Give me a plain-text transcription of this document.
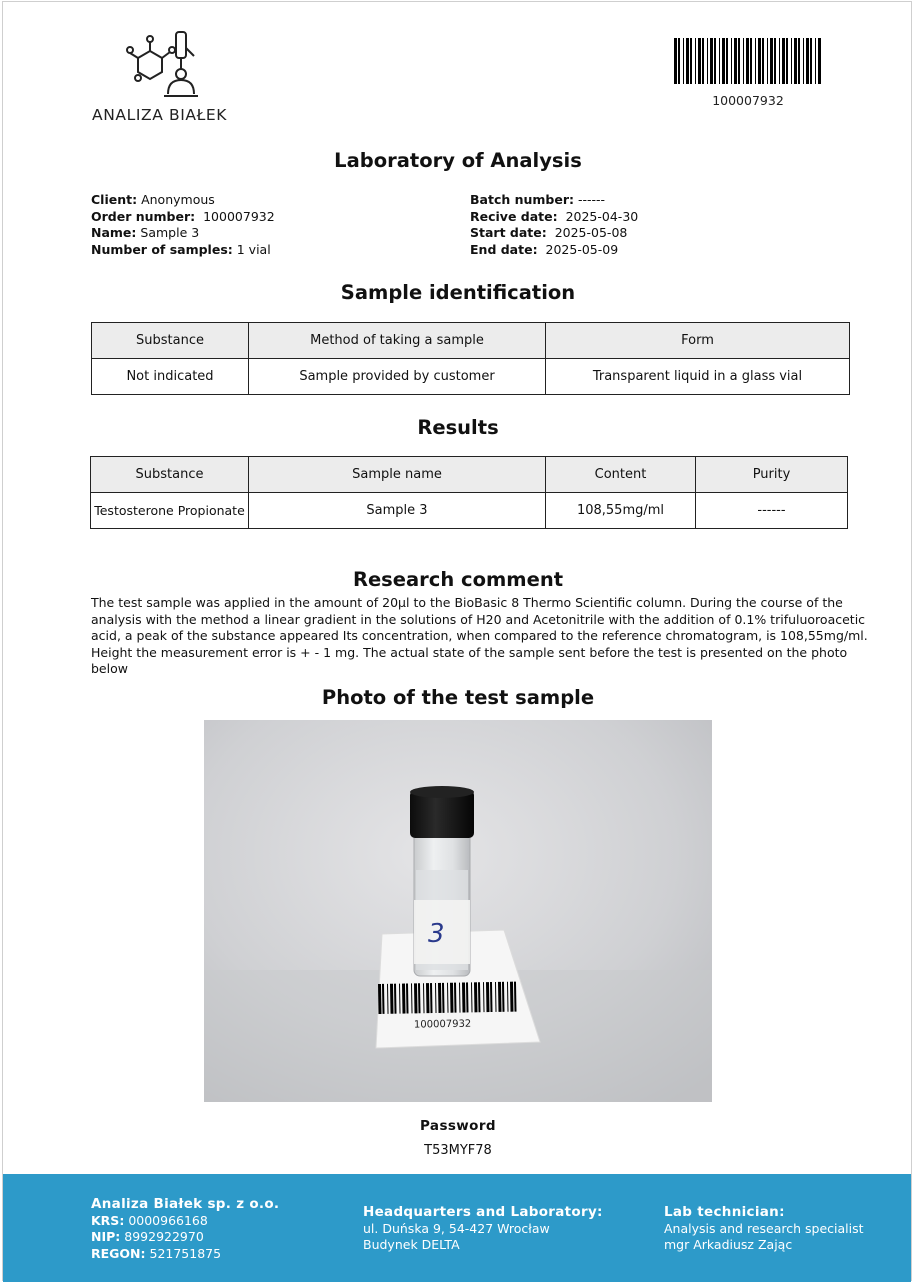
ANALIZA BIAŁEK
100007932
Laboratory of Analysis
Client: Anonymous
Order number: 100007932
Name: Sample 3
Number of samples: 1 vial
Batch number: ------
Recive date: 2025-04-30
Start date: 2025-05-08
End date: 2025-05-09
Sample identification
Substance	Method of taking a sample	Form
Not indicated	Sample provided by customer	Transparent liquid in a glass vial
Results
Substance	Sample name	Content	Purity
Testosterone Propionate	Sample 3	108,55mg/ml	------
Research comment
The test sample was applied in the amount of 20µl to the BioBasic 8 Thermo Scientific column. During the course of the analysis with the method a linear gradient in the solutions of H20 and Acetonitrile with the addition of 0.1% trifuluoroacetic acid, a peak of the substance appeared Its concentration, when compared to the reference chromatogram, is 108,55mg/ml. Height the measurement error is + - 1 mg. The actual state of the sample sent before the test is presented on the photo below
Photo of the test sample
3
100007932
Password
T53MYF78
Analiza Białek sp. z o.o.
KRS: 0000966168
NIP: 8992922970
REGON: 521751875
Headquarters and Laboratory:
ul. Duńska 9, 54-427 Wrocław
Budynek DELTA
Lab technician:
Analysis and research specialist
mgr Arkadiusz Zając
